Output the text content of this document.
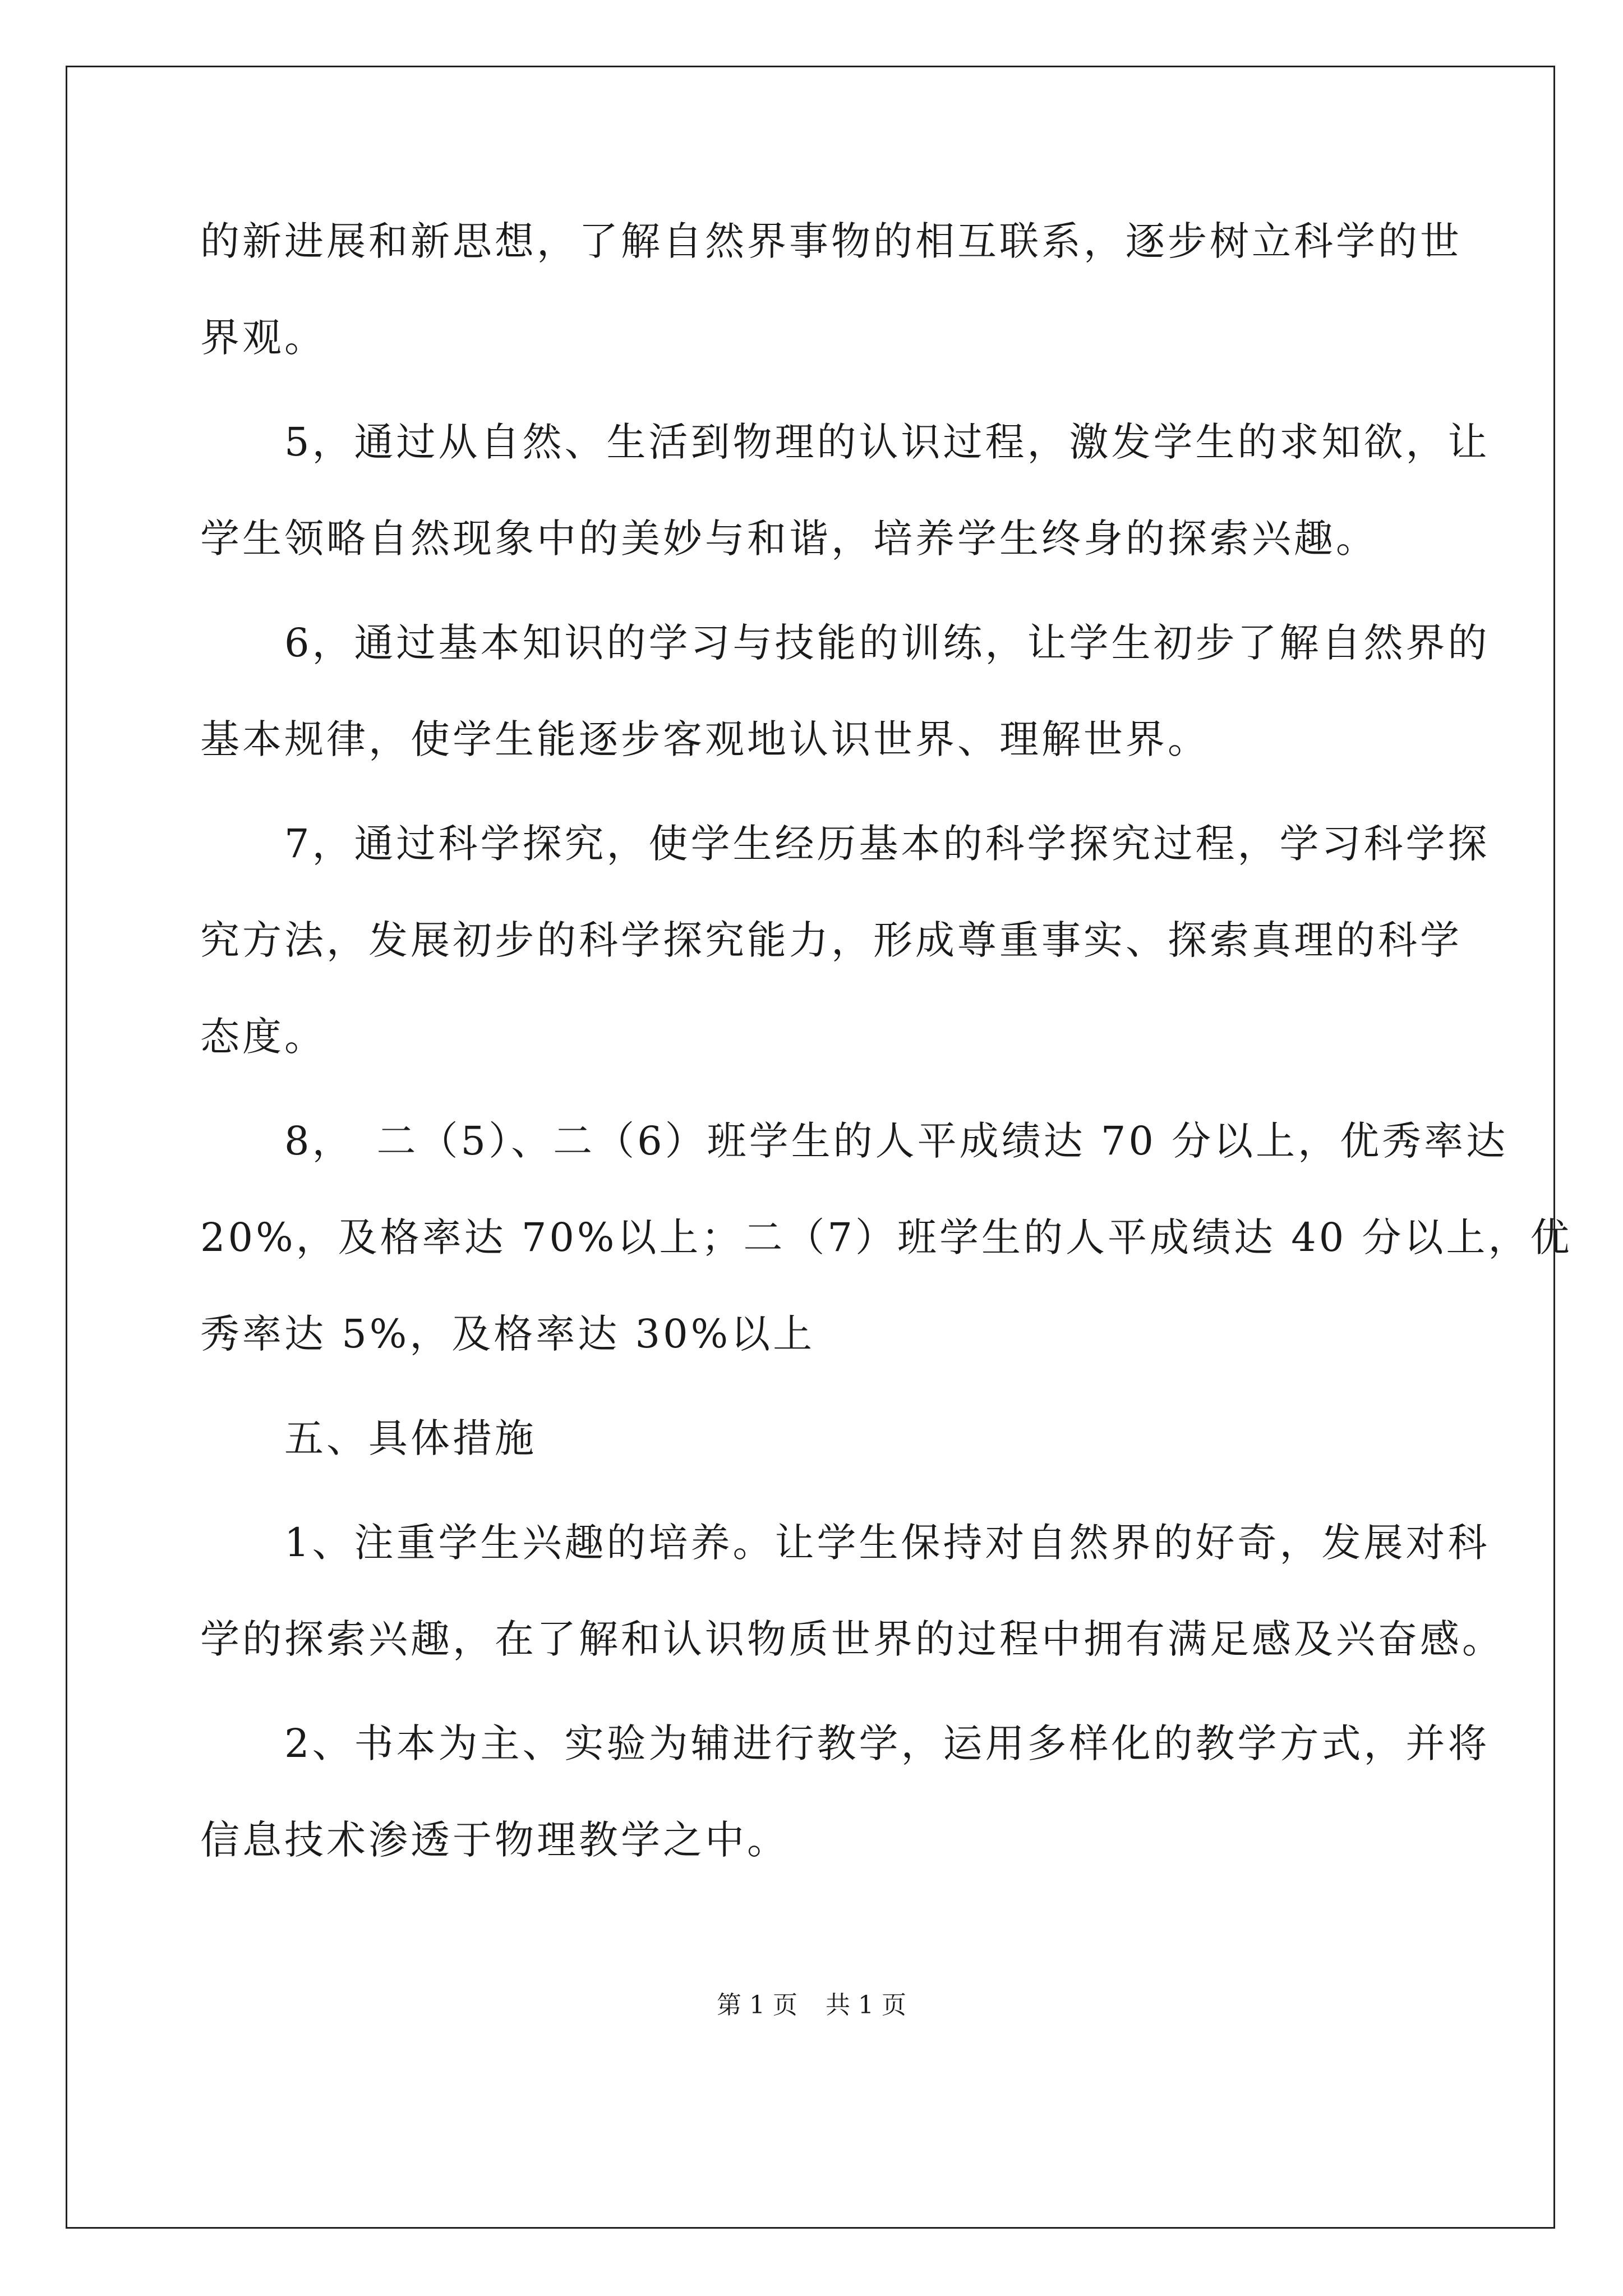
的新进展和新思想，了解自然界事物的相互联系，逐步树立科学的世
界观。
5，通过从自然、生活到物理的认识过程，激发学生的求知欲，让
学生领略自然现象中的美妙与和谐，培养学生终身的探索兴趣。
6，通过基本知识的学习与技能的训练，让学生初步了解自然界的
基本规律，使学生能逐步客观地认识世界、理解世界。
7，通过科学探究，使学生经历基本的科学探究过程，学习科学探
究方法，发展初步的科学探究能力，形成尊重事实、探索真理的科学
态度。
8，　二（5）、二（6）班学生的人平成绩达 70 分以上，优秀率达
20%，及格率达 70%以上；二（7）班学生的人平成绩达 40 分以上，优
秀率达 5%，及格率达 30%以上
五、具体措施
1、注重学生兴趣的培养。让学生保持对自然界的好奇，发展对科
学的探索兴趣，在了解和认识物质世界的过程中拥有满足感及兴奋感。
2、书本为主、实验为辅进行教学，运用多样化的教学方式，并将
信息技术渗透于物理教学之中。
第 1 页 共 1 页
